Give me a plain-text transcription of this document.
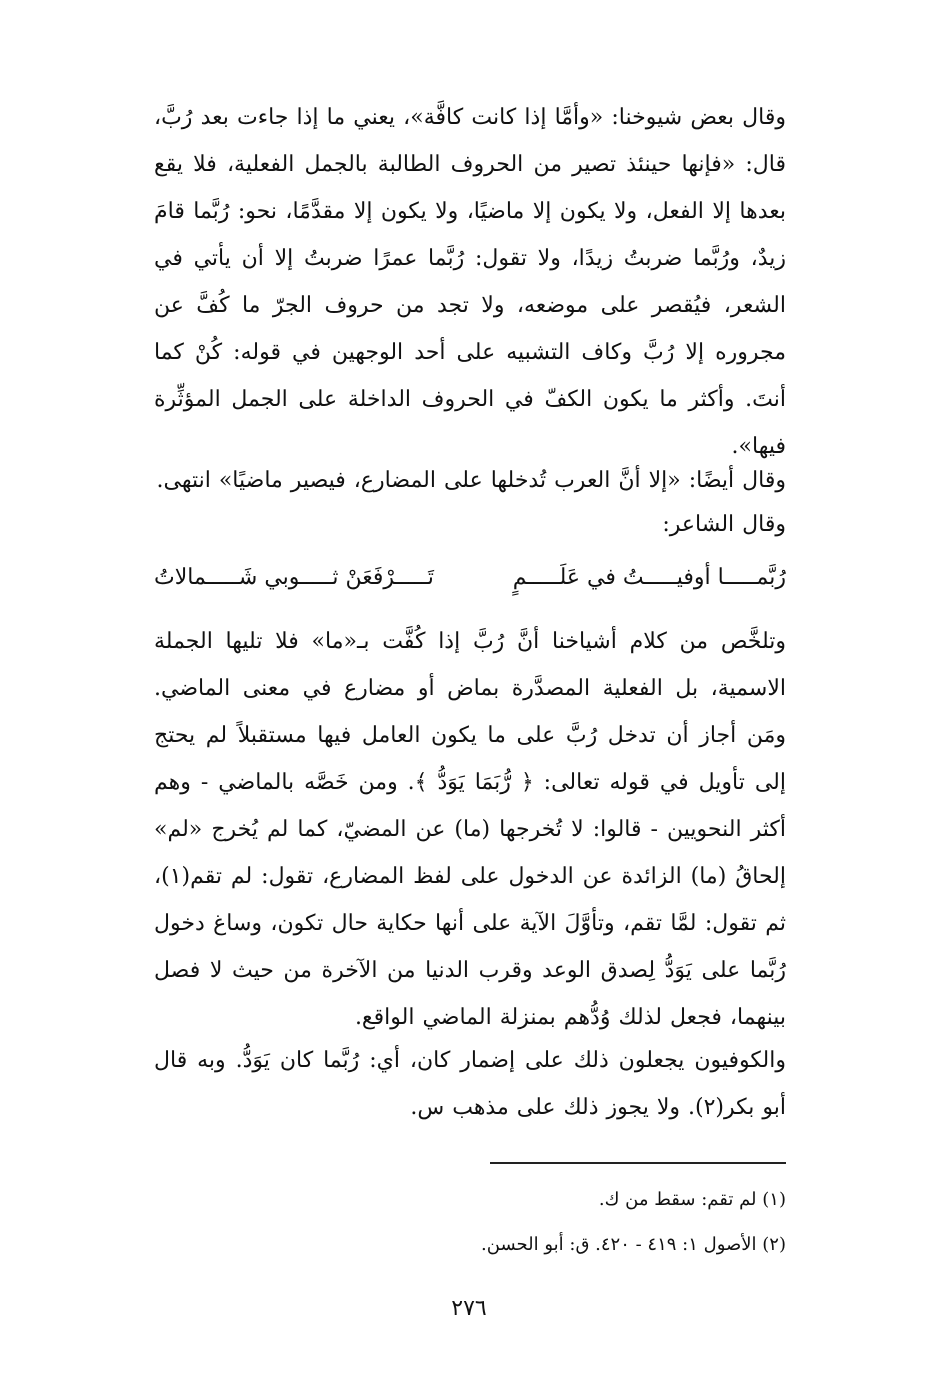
وقال بعض شيوخنا: «وأمَّا إذا كانت كافَّة»، يعني ما إذا جاءت بعد رُبَّ، قال: «فإنها حينئذ تصير من الحروف الطالبة بالجمل الفعلية، فلا يقع بعدها إلا الفعل، ولا يكون إلا ماضيًا، ولا يكون إلا مقدَّمًا، نحو: رُبَّما قامَ زيدٌ، ورُبَّما ضربتُ زيدًا، ولا تقول: رُبَّما عمرًا ضربتُ إلا أن يأتي في الشعر، فيُقصر على موضعه، ولا تجد من حروف الجرّ ما كُفَّ عن مجروره إلا رُبَّ وكاف التشبيه على أحد الوجهين في قوله: كُنْ كما أنتَ. وأكثر ما يكون الكفّ في الحروف الداخلة على الجمل المؤثِّرة فيها».
وقال أيضًا: «إلا أنَّ العرب تُدخلها على المضارع، فيصير ماضيًا» انتهى.
وقال الشاعر:
رُبَّمـــــا أوفيـــــتُ في عَلَـــــمٍ
تَـــــرْفَعَنْ ثـــــوبي شَـــــمالاتُ
وتلخَّص من كلام أشياخنا أنَّ رُبَّ إذا كُفَّت بـ«ما» فلا تليها الجملة الاسمية، بل الفعلية المصدَّرة بماض أو مضارع في معنى الماضي. ومَن أجاز أن تدخل رُبَّ على ما يكون العامل فيها مستقبلاً لم يحتج إلى تأويل في قوله تعالى: ﴿ رُّبَمَا يَوَدُّ ﴾. ومن خَصَّه بالماضي - وهم أكثر النحويين - قالوا: لا تُخرجها (ما) عن المضيّ، كما لم يُخرج «لم» إلحاقُ (ما) الزائدة عن الدخول على لفظ المضارع، تقول: لم تقم(١)، ثم تقول: لمَّا تقم، وتأوَّلَ الآية على أنها حكاية حال تكون، وساغ دخول رُبَّما على يَوَدُّ لِصدق الوعد وقرب الدنيا من الآخرة من حيث لا فصل بينهما، فجعل لذلك وُدُّهم بمنزلة الماضي الواقع.
والكوفيون يجعلون ذلك على إضمار كان، أي: رُبَّما كان يَوَدُّ. وبه قال أبو بكر(٢). ولا يجوز ذلك على مذهب س.
(١) لم تقم: سقط من ك.
(٢) الأصول ١: ٤١٩ - ٤٢٠. ق: أبو الحسن.
٢٧٦
